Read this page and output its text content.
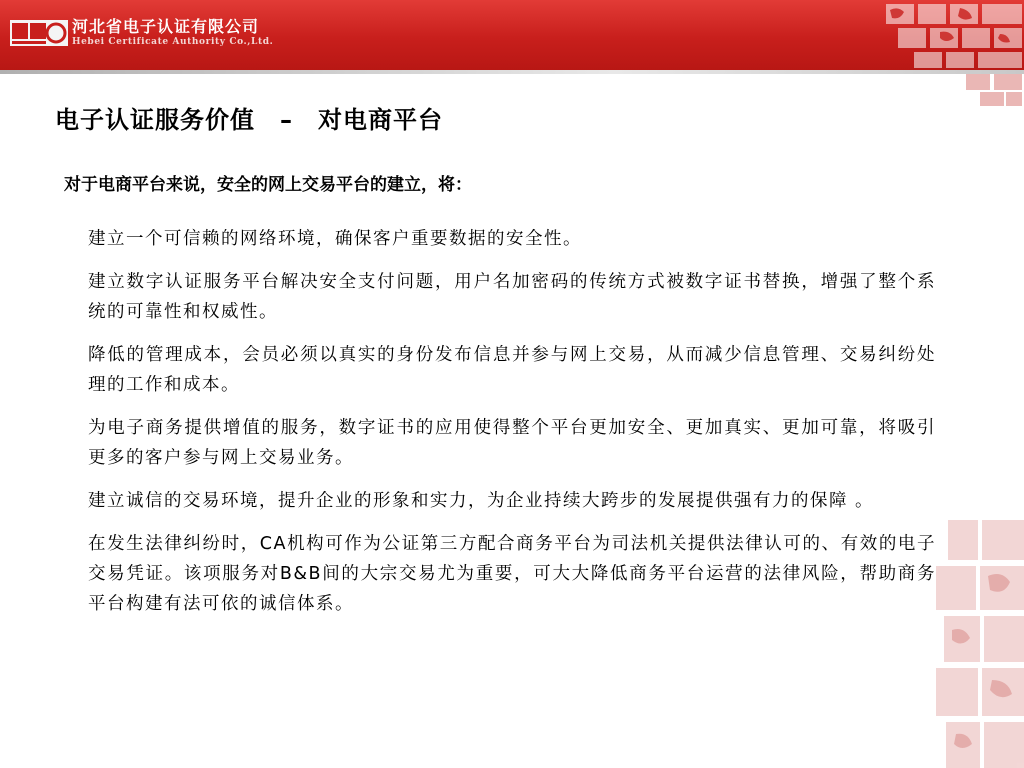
河北省电子认证有限公司
Hebei Certificate Authority Co.,Ltd.
电子认证服务价值　–　对电商平台
对于电商平台来说，安全的网上交易平台的建立，将：

建立一个可信赖的网络环境，确保客户重要数据的安全性。

建立数字认证服务平台解决安全支付问题，用户名加密码的传统方式被数字证书替换，增强了整个系统的可靠性和权威性。

降低的管理成本，会员必须以真实的身份发布信息并参与网上交易，从而减少信息管理、交易纠纷处理的工作和成本。

为电子商务提供增值的服务，数字证书的应用使得整个平台更加安全、更加真实、更加可靠，将吸引更多的客户参与网上交易业务。

建立诚信的交易环境，提升企业的形象和实力，为企业持续大跨步的发展提供强有力的保障 。

在发生法律纠纷时，CA机构可作为公证第三方配合商务平台为司法机关提供法律认可的、有效的电子交易凭证。该项服务对B&B间的大宗交易尤为重要，可大大降低商务平台运营的法律风险，帮助商务平台构建有法可依的诚信体系。
